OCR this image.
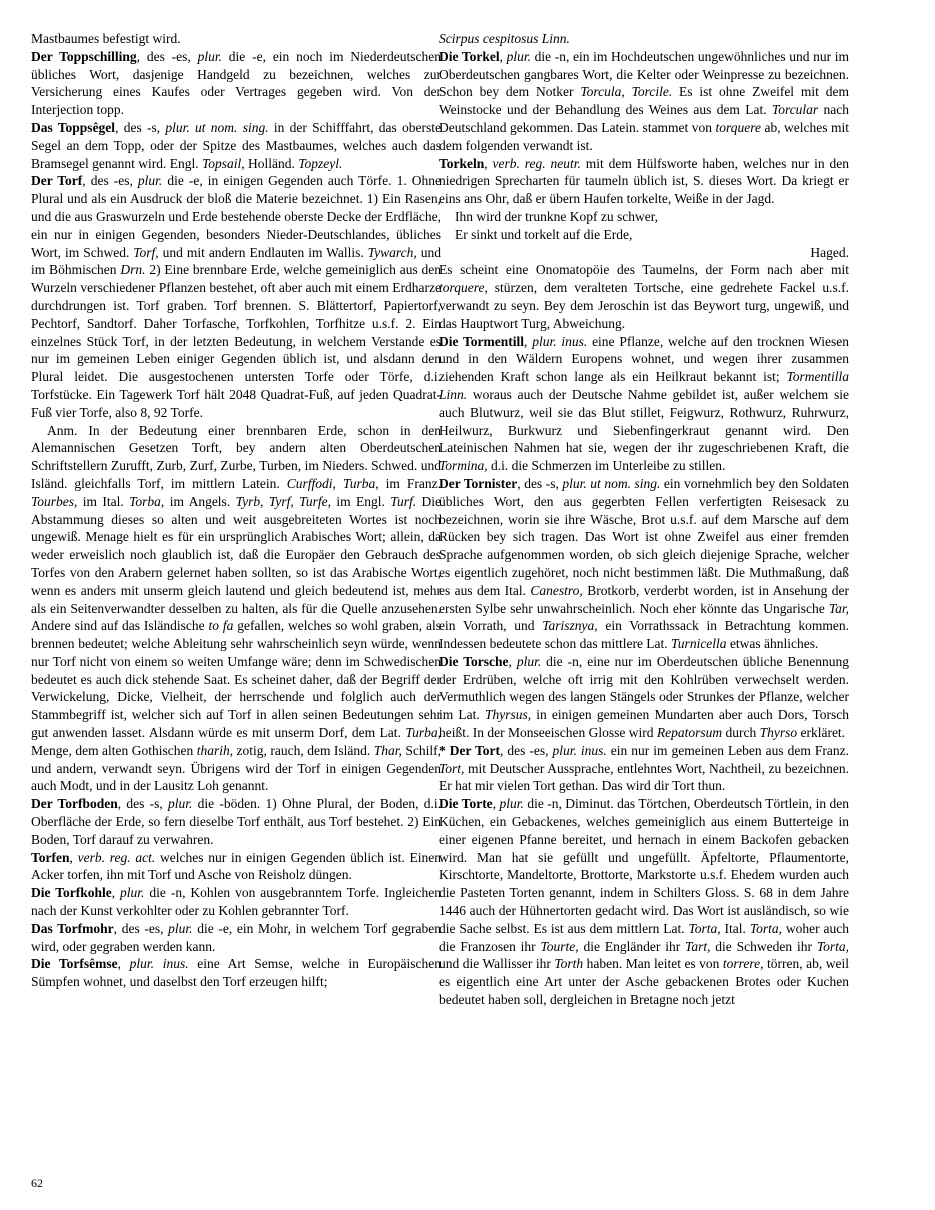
Mastbaumes befestigt wird.

Der Toppschilling, des -es, plur. die -e, ein noch im Niederdeutschen übliches Wort, dasjenige Handgeld zu bezeichnen, welches zur Versicherung eines Kaufes oder Vertrages gegeben wird. Von der Interjection topp.

Das Toppsêgel, des -s, plur. ut nom. sing. in der Schifffahrt, das oberste Segel an dem Topp, oder der Spitze des Mastbaumes, welches auch das Bramsegel genannt wird. Engl. Topsail, Holländ. Topzeyl.

Der Torf, des -es, plur. die -e, in einigen Gegenden auch Törfe. 1. Ohne Plural und als ein Ausdruck der bloß die Materie bezeichnet. 1) Ein Rasen, und die aus Graswurzeln und Erde bestehende oberste Decke der Erdfläche, ein nur in einigen Gegenden, besonders Nieder-Deutschlandes, übliches Wort, im Schwed. Torf, und mit andern Endlauten im Wallis. Tywarch, und im Böhmischen Drn. 2) Eine brennbare Erde, welche gemeiniglich aus den Wurzeln verschiedener Pflanzen bestehet, oft aber auch mit einem Erdharze durchdrungen ist. Torf graben. Torf brennen. S. Blättertorf, Papiertorf, Pechtorf, Sandtorf. Daher Torfasche, Torfkohlen, Torfhitze u.s.f. 2. Ein einzelnes Stück Torf, in der letzten Bedeutung, in welchem Verstande es nur im gemeinen Leben einiger Gegenden üblich ist, und alsdann den Plural leidet. Die ausgestochenen untersten Torfe oder Törfe, d.i. Torfstücke. Ein Tagewerk Torf hält 2048 Quadrat-Fuß, auf jeden Quadrat-Fuß vier Torfe, also 8, 92 Torfe.

Anm. In der Bedeutung einer brennbaren Erde, schon in den Alemannischen Gesetzen Torft, bey andern alten Oberdeutschen Schriftstellern Zurufft, Zurb, Zurf, Zurbe, Turben, im Nieders. Schwed. und Isländ. gleichfalls Torf, im mittlern Latein. Curffodi, Turba, im Franz. Tourbes, im Ital. Torba, im Angels. Tyrb, Tyrf, Turfe, im Engl. Turf. Die Abstammung dieses so alten und weit ausgebreiteten Wortes ist noch ungewiß. Menage hielt es für ein ursprünglich Arabisches Wort; allein, da weder erweislich noch glaublich ist, daß die Europäer den Gebrauch des Torfes von den Arabern gelernet haben sollten, so ist das Arabische Wort, wenn es anders mit unserm gleich lautend und gleich bedeutend ist, mehr als ein Seitenverwandter desselben zu halten, als für die Quelle anzusehen. Andere sind auf das Isländische to fa gefallen, welches so wohl graben, als brennen bedeutet; welche Ableitung sehr wahrscheinlich seyn würde, wenn nur Torf nicht von einem so weiten Umfange wäre; denn im Schwedischen bedeutet es auch dick stehende Saat. Es scheinet daher, daß der Begriff der Verwickelung, Dicke, Vielheit, der herrschende und folglich auch der Stammbegriff ist, welcher sich auf Torf in allen seinen Bedeutungen sehr gut anwenden lasset. Alsdann würde es mit unserm Dorf, dem Lat. Turba, Menge, dem alten Gothischen tharih, zotig, rauch, dem Isländ. Thar, Schilf, und andern, verwandt seyn. Übrigens wird der Torf in einigen Gegenden auch Modt, und in der Lausitz Loh genannt.

Der Torfboden, des -s, plur. die -böden. 1) Ohne Plural, der Boden, d.i. Oberfläche der Erde, so fern dieselbe Torf enthält, aus Torf bestehet. 2) Ein Boden, Torf darauf zu verwahren.

Torfen, verb. reg. act. welches nur in einigen Gegenden üblich ist. Einen Acker torfen, ihn mit Torf und Asche von Reisholz düngen.

Die Torfkohle, plur. die -n, Kohlen von ausgebranntem Torfe. Ingleichen nach der Kunst verkohlter oder zu Kohlen gebrannter Torf.

Das Torfmohr, des -es, plur. die -e, ein Mohr, in welchem Torf gegraben wird, oder gegraben werden kann.

Die Torfsêmse, plur. inus. eine Art Semse, welche in Europäischen Sümpfen wohnet, und daselbst den Torf erzeugen hilft;

Scirpus cespitosus Linn.

Die Torkel, plur. die -n, ein im Hochdeutschen ungewöhnliches und nur im Oberdeutschen gangbares Wort, die Kelter oder Weinpresse zu bezeichnen. Schon bey dem Notker Torcula, Torcile. Es ist ohne Zweifel mit dem Weinstocke und der Behandlung des Weines aus dem Lat. Torcular nach Deutschland gekommen. Das Latein. stammet von torquere ab, welches mit dem folgenden verwandt ist.

Torkeln, verb. reg. neutr. mit dem Hülfsworte haben, welches nur in den niedrigen Sprecharten für taumeln üblich ist, S. dieses Wort. Da kriegt er eins ans Ohr, daß er übern Haufen torkelte, Weiße in der Jagd.

Ihn wird der trunkne Kopf zu schwer,

Er sinkt und torkelt auf die Erde,

Haged.

Es scheint eine Onomatopöie des Taumelns, der Form nach aber mit torquere, stürzen, dem veralteten Tortsche, eine gedrehete Fackel u.s.f. verwandt zu seyn. Bey dem Jeroschin ist das Beywort turg, ungewiß, und das Hauptwort Turg, Abweichung.

Die Tormentill, plur. inus. eine Pflanze, welche auf den trocknen Wiesen und in den Wäldern Europens wohnet, und wegen ihrer zusammen ziehenden Kraft schon lange als ein Heilkraut bekannt ist; Tormentilla Linn. woraus auch der Deutsche Nahme gebildet ist, außer welchem sie auch Blutwurz, weil sie das Blut stillet, Feigwurz, Rothwurz, Ruhrwurz, Heilwurz, Burkwurz und Siebenfingerkraut genannt wird. Den Lateinischen Nahmen hat sie, wegen der ihr zugeschriebenen Kraft, die Tormina, d.i. die Schmerzen im Unterleibe zu stillen.

Der Tornister, des -s, plur. ut nom. sing. ein vornehmlich bey den Soldaten übliches Wort, den aus gegerbten Fellen verfertigten Reisesack zu bezeichnen, worin sie ihre Wäsche, Brot u.s.f. auf dem Marsche auf dem Rücken bey sich tragen. Das Wort ist ohne Zweifel aus einer fremden Sprache aufgenommen worden, ob sich gleich diejenige Sprache, welcher es eigentlich zugehöret, noch nicht bestimmen läßt. Die Muthmaßung, daß es aus dem Ital. Canestro, Brotkorb, verderbt worden, ist in Ansehung der ersten Sylbe sehr unwahrscheinlich. Noch eher könnte das Ungarische Tar, ein Vorrath, und Tarisznya, ein Vorrathssack in Betrachtung kommen. Indessen bedeutete schon das mittlere Lat. Turnicella etwas ähnliches.

Die Torsche, plur. die -n, eine nur im Oberdeutschen übliche Benennung der Erdrüben, welche oft irrig mit den Kohlrüben verwechselt werden. Vermuthlich wegen des langen Stängels oder Strunkes der Pflanze, welcher im Lat. Thyrsus, in einigen gemeinen Mundarten aber auch Dors, Torsch heißt. In der Monseeischen Glosse wird Repatorsum durch Thyrso erkläret.

* Der Tort, des -es, plur. inus. ein nur im gemeinen Leben aus dem Franz. Tort, mit Deutscher Aussprache, entlehntes Wort, Nachtheil, zu bezeichnen. Er hat mir vielen Tort gethan. Das wird dir Tort thun.

Die Torte, plur. die -n, Diminut. das Törtchen, Oberdeutsch Törtlein, in den Küchen, ein Gebackenes, welches gemeiniglich aus einem Butterteige in einer eigenen Pfanne bereitet, und hernach in einem Backofen gebacken wird. Man hat sie gefüllt und ungefüllt. Äpfeltorte, Pflaumentorte, Kirschtorte, Mandeltorte, Brottorte, Markstorte u.s.f. Ehedem wurden auch die Pasteten Torten genannt, indem in Schilters Gloss. S. 68 in dem Jahre 1446 auch der Hühnertorten gedacht wird. Das Wort ist ausländisch, so wie die Sache selbst. Es ist aus dem mittlern Lat. Torta, Ital. Torta, woher auch die Franzosen ihr Tourte, die Engländer ihr Tart, die Schweden ihr Torta, und die Wallisser ihr Torth haben. Man leitet es von torrere, törren, ab, weil es eigentlich eine Art unter der Asche gebackenen Brotes oder Kuchen bedeutet haben soll, dergleichen in Bretagne noch jetzt

62
